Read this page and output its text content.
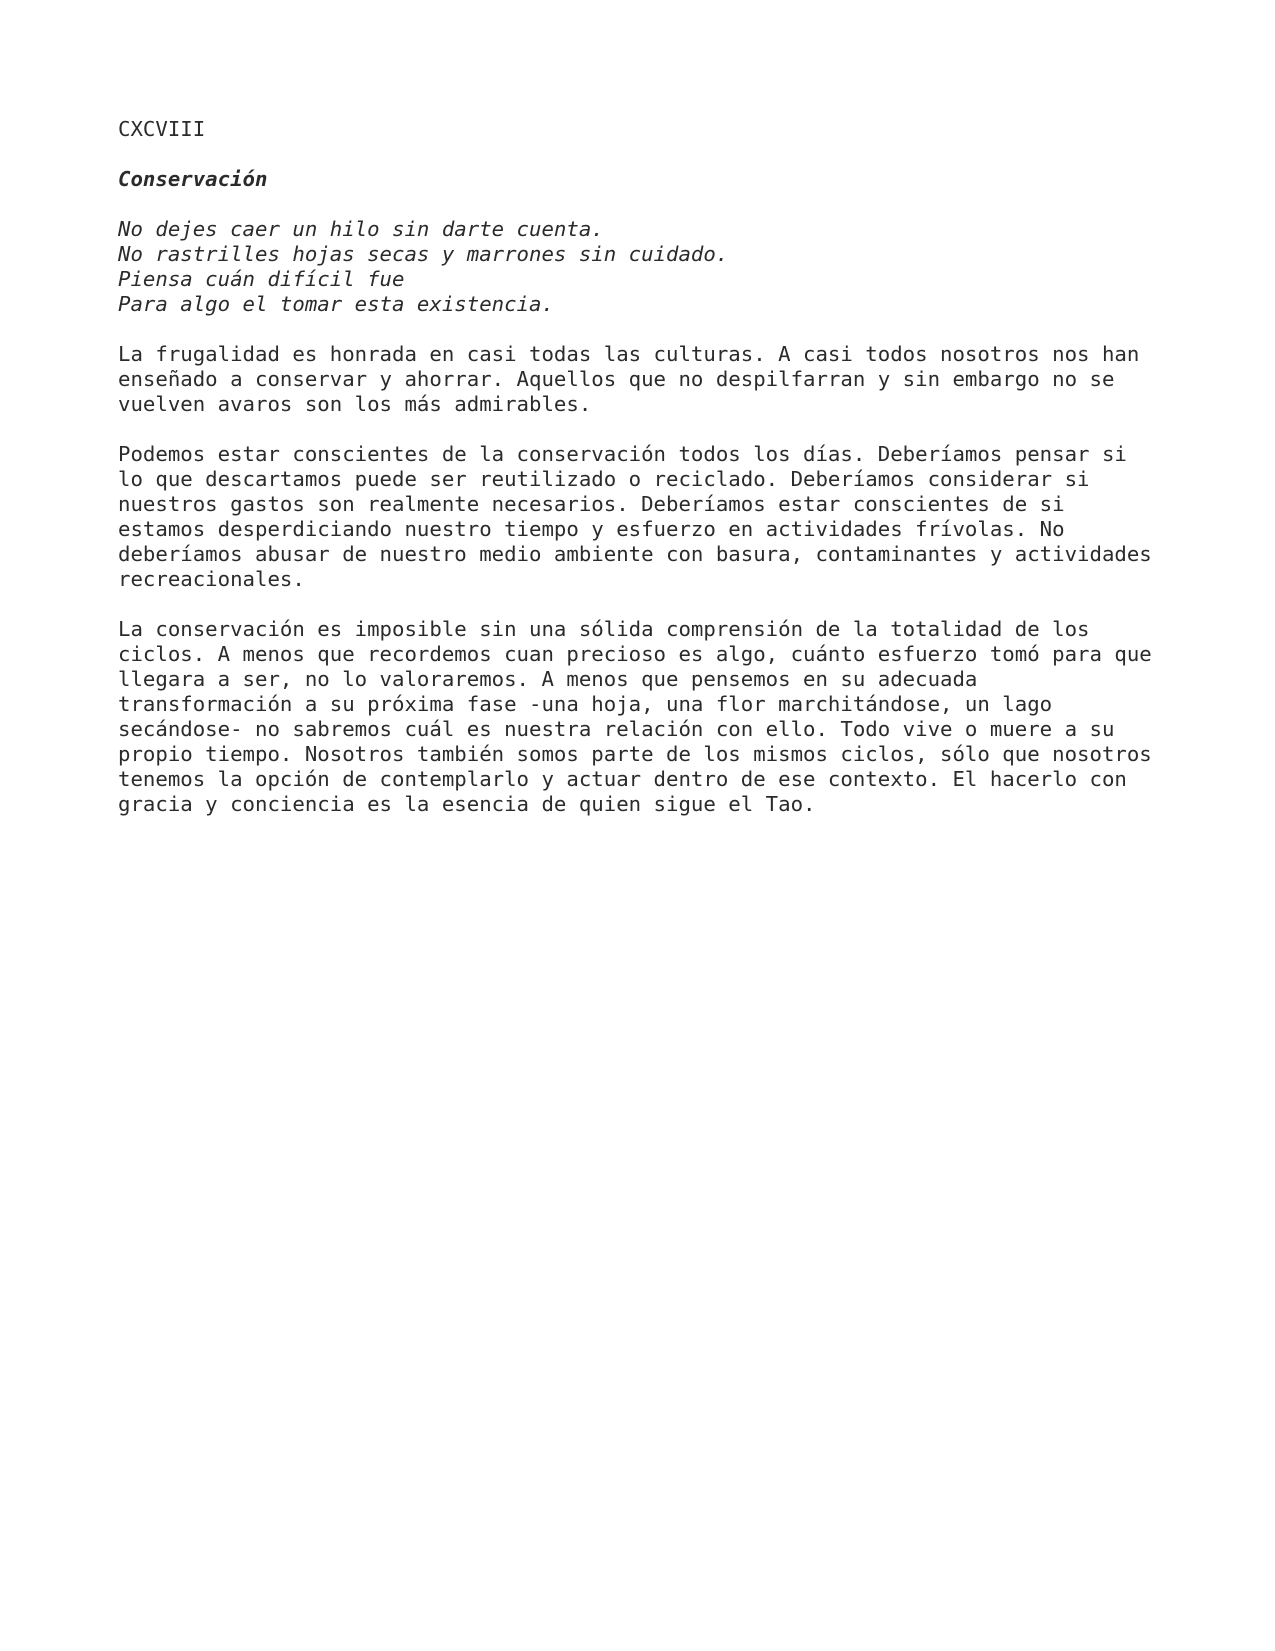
CXCVIII
Conservación
No dejes caer un hilo sin darte cuenta.
No rastrilles hojas secas y marrones sin cuidado.
Piensa cuán difícil fue
Para algo el tomar esta existencia.
La frugalidad es honrada en casi todas las culturas. A casi todos nosotros nos han
enseñado a conservar y ahorrar. Aquellos que no despilfarran y sin embargo no se
vuelven avaros son los más admirables.
Podemos estar conscientes de la conservación todos los días. Deberíamos pensar si
lo que descartamos puede ser reutilizado o reciclado. Deberíamos considerar si
nuestros gastos son realmente necesarios. Deberíamos estar conscientes de si
estamos desperdiciando nuestro tiempo y esfuerzo en actividades frívolas. No
deberíamos abusar de nuestro medio ambiente con basura, contaminantes y actividades
recreacionales.
La conservación es imposible sin una sólida comprensión de la totalidad de los
ciclos. A menos que recordemos cuan precioso es algo, cuánto esfuerzo tomó para que
llegara a ser, no lo valoraremos. A menos que pensemos en su adecuada
transformación a su próxima fase -una hoja, una flor marchitándose, un lago
secándose- no sabremos cuál es nuestra relación con ello. Todo vive o muere a su
propio tiempo. Nosotros también somos parte de los mismos ciclos, sólo que nosotros
tenemos la opción de contemplarlo y actuar dentro de ese contexto. El hacerlo con
gracia y conciencia es la esencia de quien sigue el Tao.
